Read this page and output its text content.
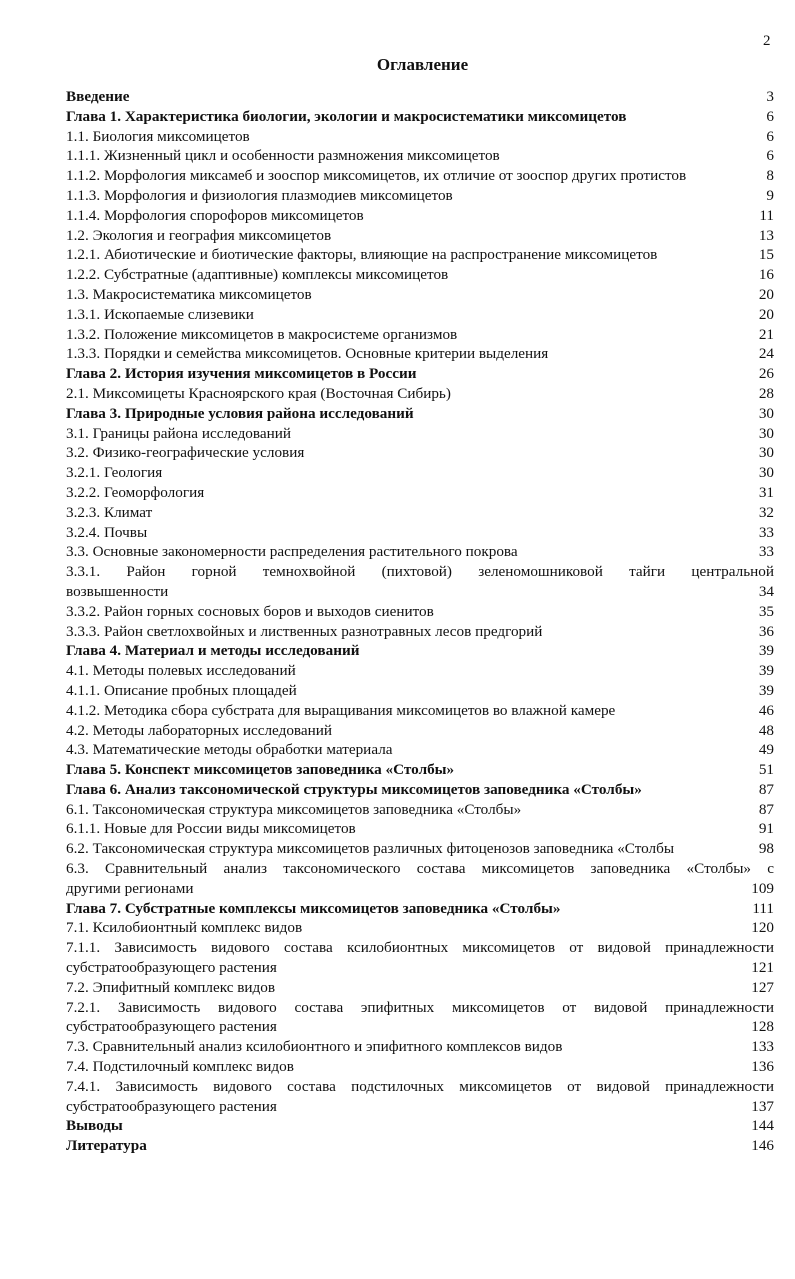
2
Оглавление
Введение	3
Глава 1. Характеристика биологии, экологии и макросистематики миксомицетов	6
1.1. Биология миксомицетов	6
1.1.1. Жизненный цикл и особенности размножения миксомицетов	6
1.1.2. Морфология миксамеб и зооспор миксомицетов, их отличие от зооспор других протистов	8
1.1.3. Морфология и физиология плазмодиев миксомицетов	9
1.1.4. Морфология спорофоров миксомицетов	11
1.2. Экология и география миксомицетов	13
1.2.1. Абиотические и биотические факторы, влияющие на распространение миксомицетов	15
1.2.2. Субстратные (адаптивные) комплексы миксомицетов	16
1.3. Макросистематика миксомицетов	20
1.3.1. Ископаемые слизевики	20
1.3.2. Положение миксомицетов в макросистеме организмов	21
1.3.3. Порядки и семейства миксомицетов. Основные критерии выделения	24
Глава 2. История изучения миксомицетов в России	26
2.1. Миксомицеты Красноярского края (Восточная Сибирь)	28
Глава 3. Природные условия района исследований	30
3.1. Границы района исследований	30
3.2. Физико-географические условия	30
3.2.1. Геология	30
3.2.2. Геоморфология	31
3.2.3. Климат	32
3.2.4. Почвы	33
3.3. Основные закономерности распределения растительного покрова	33
3.3.1. Район горной темнохвойной (пихтовой) зеленомошниковой тайги центральной
возвышенности	34
3.3.2. Район горных сосновых боров и выходов сиенитов	35
3.3.3. Район светлохвойных и лиственных разнотравных лесов предгорий	36
Глава 4. Материал и методы исследований	39
4.1. Методы полевых исследований	39
4.1.1. Описание пробных площадей	39
4.1.2. Методика сбора субстрата для выращивания миксомицетов во влажной камере	46
4.2. Методы лабораторных исследований	48
4.3. Математические методы обработки материала	49
Глава 5. Конспект миксомицетов заповедника «Столбы»	51
Глава 6. Анализ таксономической структуры миксомицетов заповедника «Столбы»	87
6.1. Таксономическая структура миксомицетов заповедника «Столбы»	87
6.1.1. Новые для России виды миксомицетов	91
6.2. Таксономическая структура миксомицетов различных фитоценозов заповедника «Столбы	98
6.3. Сравнительный анализ таксономического состава миксомицетов заповедника «Столбы» с
другими регионами	109
Глава 7. Субстратные комплексы миксомицетов заповедника «Столбы»	111
7.1. Ксилобионтный комплекс видов	120
7.1.1. Зависимость видового состава ксилобионтных миксомицетов от видовой принадлежности
субстратообразующего растения	121
7.2. Эпифитный комплекс видов	127
7.2.1. Зависимость видового состава эпифитных миксомицетов от видовой принадлежности
субстратообразующего растения	128
7.3. Сравнительный анализ ксилобионтного и эпифитного комплексов видов	133
7.4. Подстилочный комплекс видов	136
7.4.1. Зависимость видового состава подстилочных миксомицетов от видовой принадлежности
субстратообразующего растения	137
Выводы	144
Литература	146
